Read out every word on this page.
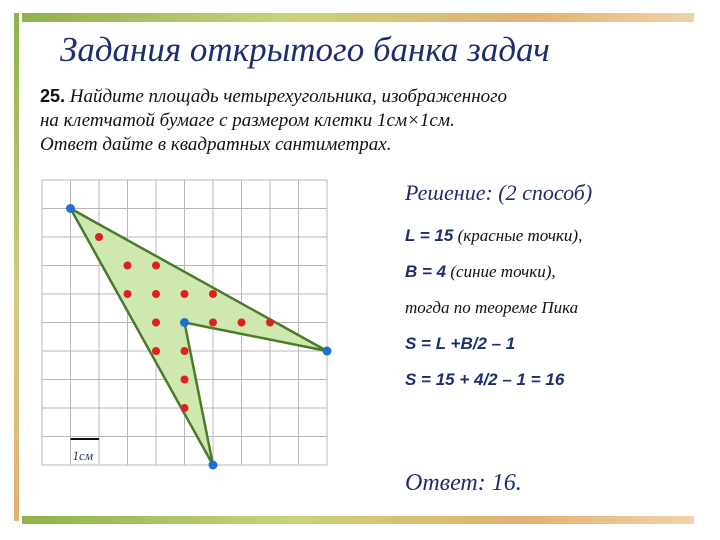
Задания открытого банка задач
25. Найдите площадь четырехугольника, изображенного
на клетчатой бумаге с размером клетки 1см×1см.
Ответ дайте в квадратных сантиметрах.
1см
Решение: (2 способ)
L = 15 (красные точки),
B = 4 (синие точки),
тогда по теореме Пика
S = L +B/2 – 1
S = 15 + 4/2 – 1 = 16
Ответ: 16.
